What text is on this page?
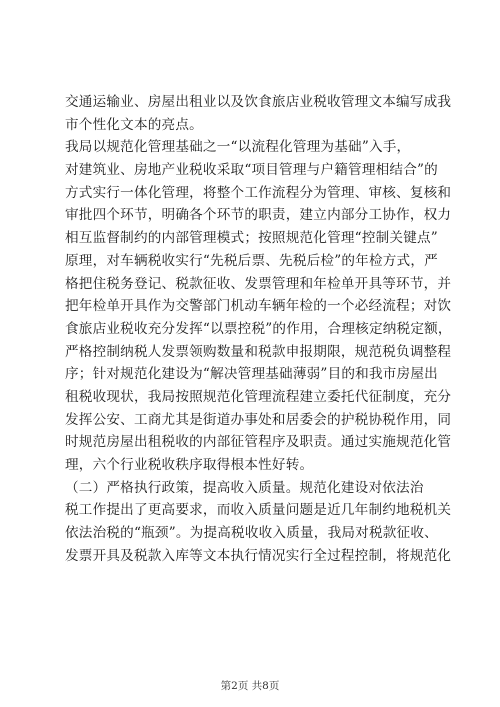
交通运输业、房屋出租业以及饮食旅店业税收管理文本编写成我
市个性化文本的亮点。
我局以规范化管理基础之一“以流程化管理为基础”入手，
对建筑业、房地产业税收采取“项目管理与户籍管理相结合”的
方式实行一体化管理，将整个工作流程分为管理、审核、复核和
审批四个环节，明确各个环节的职责，建立内部分工协作，权力
相互监督制约的内部管理模式；按照规范化管理“控制关键点”
原理，对车辆税收实行“先税后票、先税后检”的年检方式，严
格把住税务登记、税款征收、发票管理和年检单开具等环节，并
把年检单开具作为交警部门机动车辆年检的一个必经流程；对饮
食旅店业税收充分发挥“以票控税”的作用，合理核定纳税定额，
严格控制纳税人发票领购数量和税款申报期限，规范税负调整程
序；针对规范化建设为“解决管理基础薄弱”目的和我市房屋出
租税收现状，我局按照规范化管理流程建立委托代征制度，充分
发挥公安、工商尤其是街道办事处和居委会的护税协税作用，同
时规范房屋出租税收的内部征管程序及职责。通过实施规范化管
理，六个行业税收秩序取得根本性好转。
（二）严格执行政策，提高收入质量。规范化建设对依法治
税工作提出了更高要求，而收入质量问题是近几年制约地税机关
依法治税的“瓶颈”。为提高税收收入质量，我局对税款征收、
发票开具及税款入库等文本执行情况实行全过程控制，将规范化
第2页 共8页
